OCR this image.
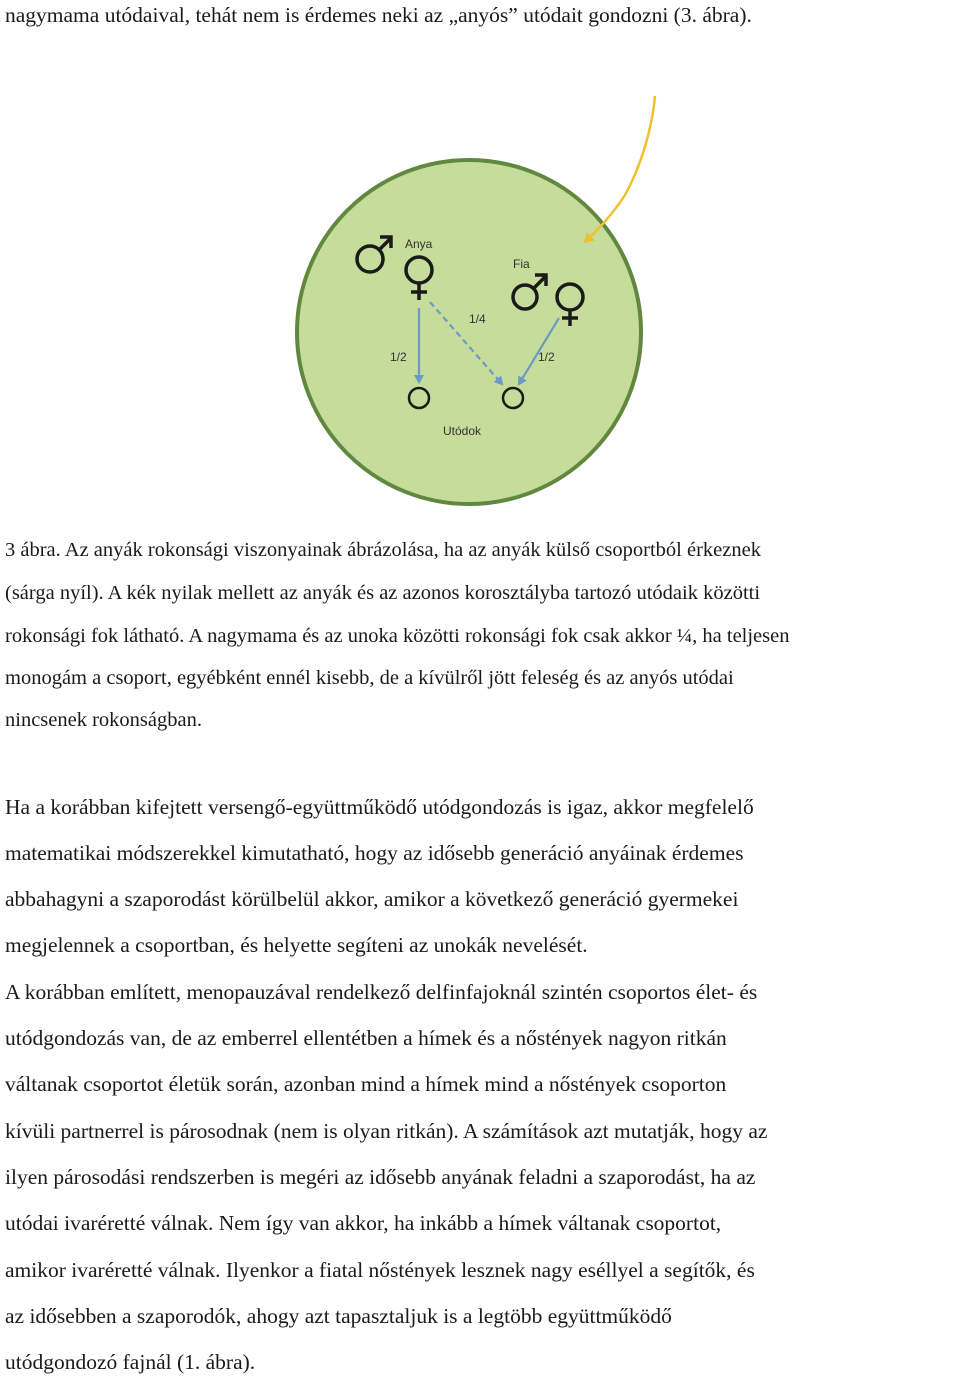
nagymama utódaival, tehát nem is érdemes neki az „anyós” utódait gondozni (3. ábra).
Anya
Fia
1/4
1/2	1/2
Utódok
3 ábra. Az anyák rokonsági viszonyainak ábrázolása, ha az anyák külső csoportból érkeznek
(sárga nyíl). A kék nyilak mellett az anyák és az azonos korosztályba tartozó utódaik közötti
rokonsági fok látható. A nagymama és az unoka közötti rokonsági fok csak akkor ¼, ha teljesen
monogám a csoport, egyébként ennél kisebb, de a kívülről jött feleség és az anyós utódai
nincsenek rokonságban.
Ha a korábban kifejtett versengő-együttműködő utódgondozás is igaz, akkor megfelelő
matematikai módszerekkel kimutatható, hogy az idősebb generáció anyáinak érdemes
abbahagyni a szaporodást körülbelül akkor, amikor a következő generáció gyermekei
megjelennek a csoportban, és helyette segíteni az unokák nevelését.
A korábban említett, menopauzával rendelkező delfinfajoknál szintén csoportos élet- és
utódgondozás van, de az emberrel ellentétben a hímek és a nőstények nagyon ritkán
váltanak csoportot életük során, azonban mind a hímek mind a nőstények csoporton
kívüli partnerrel is párosodnak (nem is olyan ritkán). A számítások azt mutatják, hogy az
ilyen párosodási rendszerben is megéri az idősebb anyának feladni a szaporodást, ha az
utódai ivaréretté válnak. Nem így van akkor, ha inkább a hímek váltanak csoportot,
amikor ivaréretté válnak. Ilyenkor a fiatal nőstények lesznek nagy eséllyel a segítők, és
az idősebben a szaporodók, ahogy azt tapasztaljuk is a legtöbb együttműködő
utódgondozó fajnál (1. ábra).
